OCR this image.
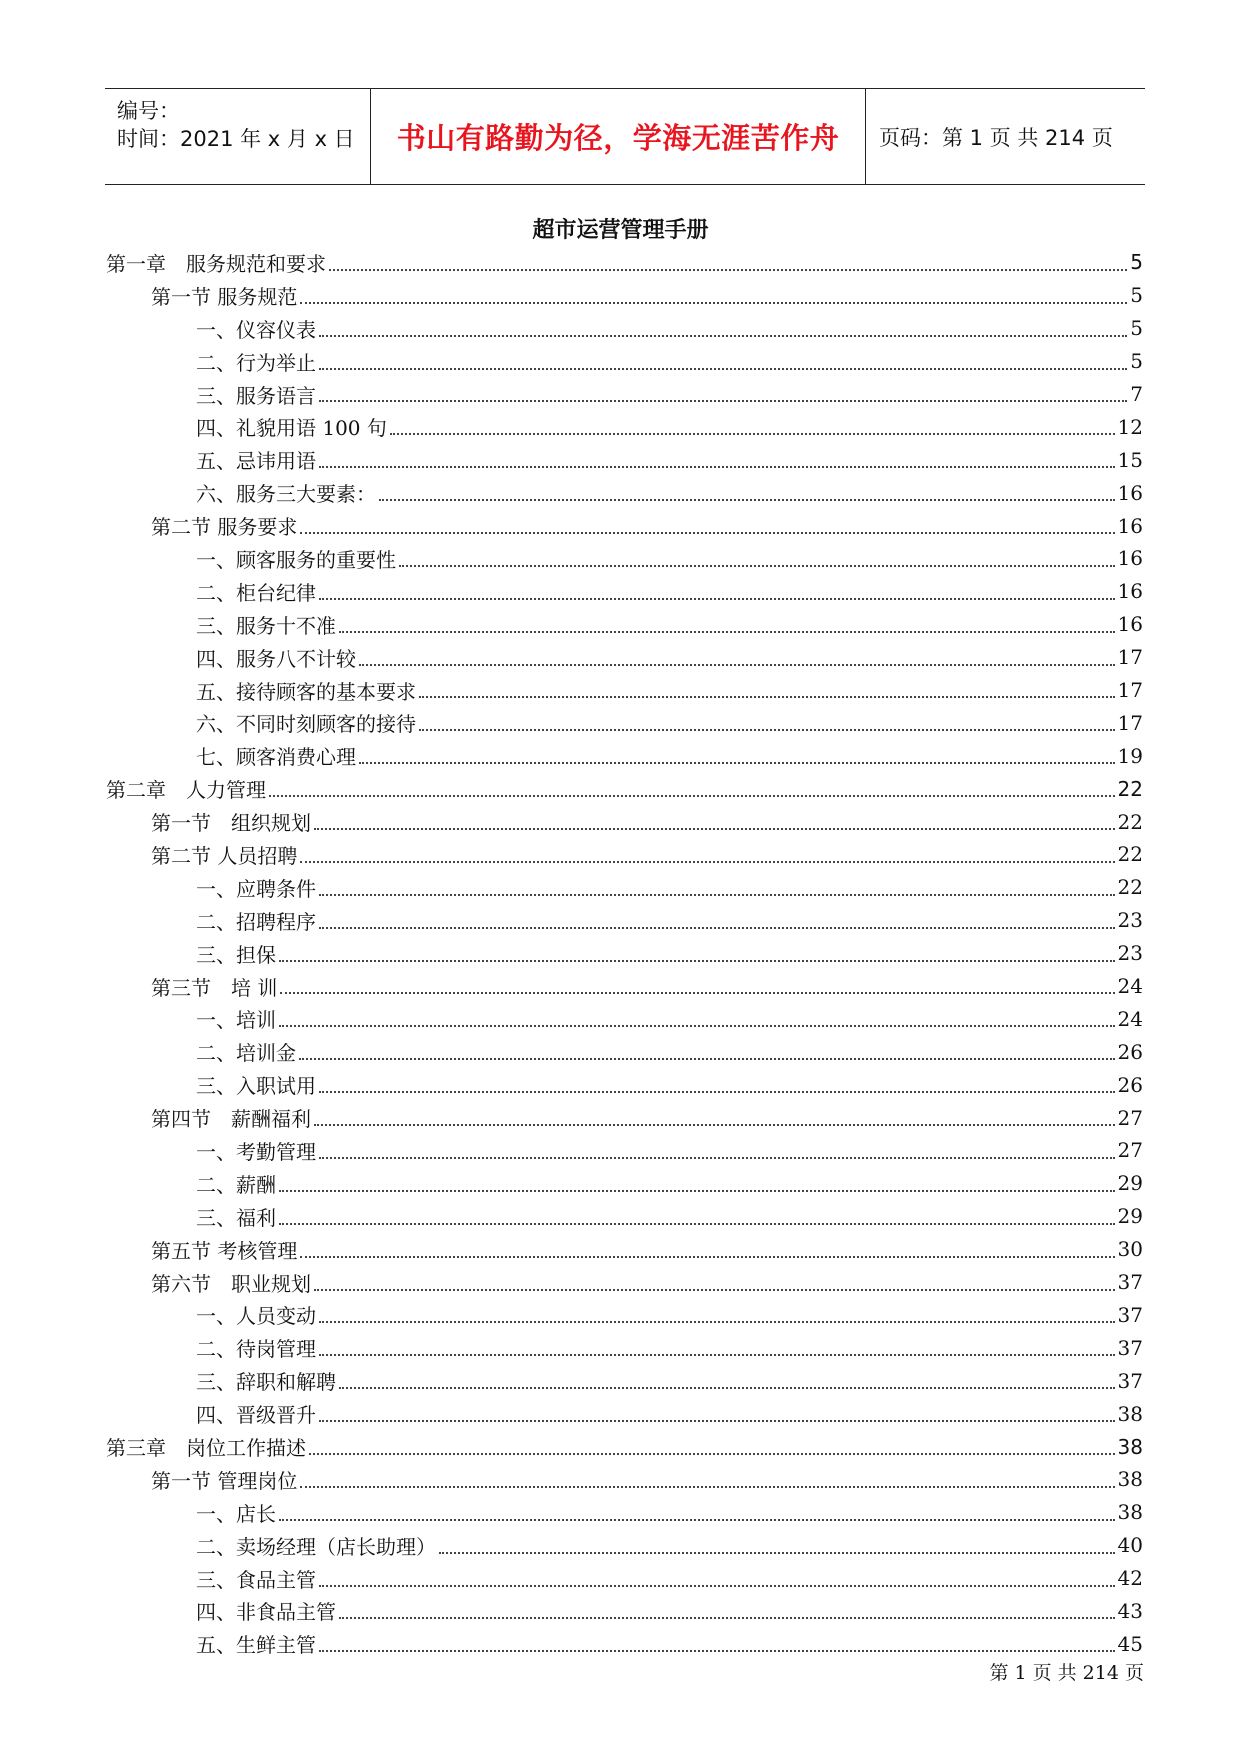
编号：
时间：2021 年 x 月 x 日	书山有路勤为径，学海无涯苦作舟	页码：第 1 页 共 214 页
超市运营管理手册
第一章　服务规范和要求	5
第一节 服务规范	5
一、仪容仪表	5
二、行为举止	5
三、服务语言	7
四、礼貌用语 100 句	12
五、忌讳用语	15
六、服务三大要素：	16
第二节 服务要求	16
一、顾客服务的重要性	16
二、柜台纪律	16
三、服务十不准	16
四、服务八不计较	17
五、接待顾客的基本要求	17
六、不同时刻顾客的接待	17
七、顾客消费心理	19
第二章　人力管理	22
第一节　组织规划	22
第二节 人员招聘	22
一、应聘条件	22
二、招聘程序	23
三、担保	23
第三节　培 训	24
一、培训	24
二、培训金	26
三、入职试用	26
第四节　薪酬福利	27
一、考勤管理	27
二、薪酬	29
三、福利	29
第五节 考核管理	30
第六节　职业规划	37
一、人员变动	37
二、待岗管理	37
三、辞职和解聘	37
四、晋级晋升	38
第三章　岗位工作描述	38
第一节 管理岗位	38
一、店长	38
二、卖场经理（店长助理）	40
三、食品主管	42
四、非食品主管	43
五、生鲜主管	45
第 1 页 共 214 页
